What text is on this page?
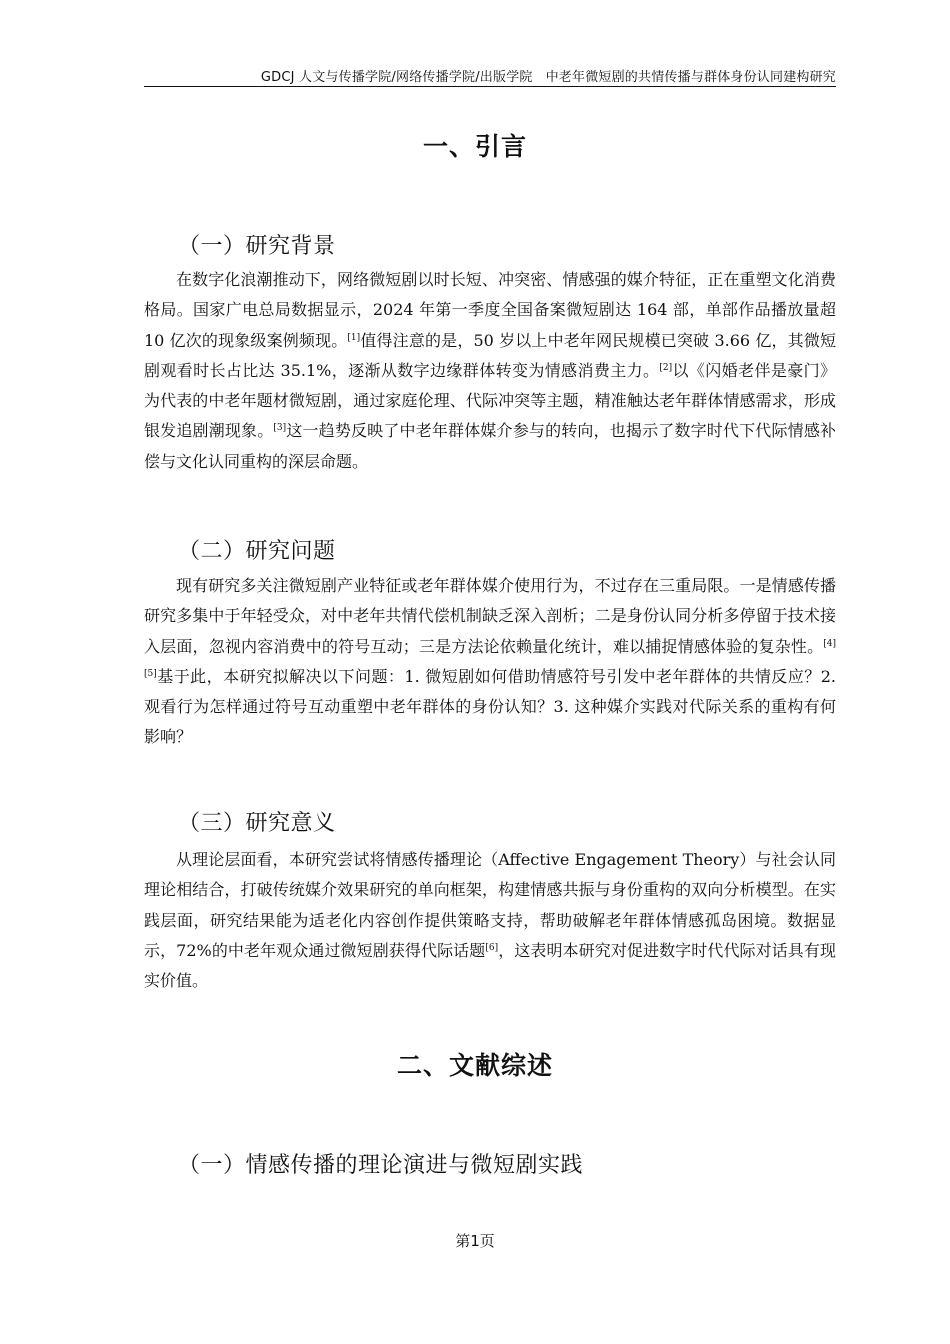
GDCJ 人文与传播学院/网络传播学院/出版学院 中老年微短剧的共情传播与群体身份认同建构研究
一、引言
（一）研究背景

在数字化浪潮推动下，网络微短剧以时长短、冲突密、情感强的媒介特征，正在重塑文化消费格局。国家广电总局数据显示，2024 年第一季度全国备案微短剧达 164 部，单部作品播放量超 10 亿次的现象级案例频现。[1]值得注意的是，50 岁以上中老年网民规模已突破 3.66 亿，其微短剧观看时长占比达 35.1%，逐渐从数字边缘群体转变为情感消费主力。[2]以《闪婚老伴是豪门》为代表的中老年题材微短剧，通过家庭伦理、代际冲突等主题，精准触达老年群体情感需求，形成银发追剧潮现象。[3]这一趋势反映了中老年群体媒介参与的转向，也揭示了数字时代下代际情感补偿与文化认同重构的深层命题。

（二）研究问题

现有研究多关注微短剧产业特征或老年群体媒介使用行为，不过存在三重局限。一是情感传播研究多集中于年轻受众，对中老年共情代偿机制缺乏深入剖析；二是身份认同分析多停留于技术接入层面，忽视内容消费中的符号互动；三是方法论依赖量化统计，难以捕捉情感体验的复杂性。[4][5]基于此，本研究拟解决以下问题：1. 微短剧如何借助情感符号引发中老年群体的共情反应？2. 观看行为怎样通过符号互动重塑中老年群体的身份认知？3. 这种媒介实践对代际关系的重构有何影响？

（三）研究意义

从理论层面看，本研究尝试将情感传播理论（Affective Engagement Theory）与社会认同理论相结合，打破传统媒介效果研究的单向框架，构建情感共振与身份重构的双向分析模型。在实践层面，研究结果能为适老化内容创作提供策略支持，帮助破解老年群体情感孤岛困境。数据显示，72%的中老年观众通过微短剧获得代际话题[6]，这表明本研究对促进数字时代代际对话具有现实价值。

二、文献综述
（一）情感传播的理论演进与微短剧实践
第1页
